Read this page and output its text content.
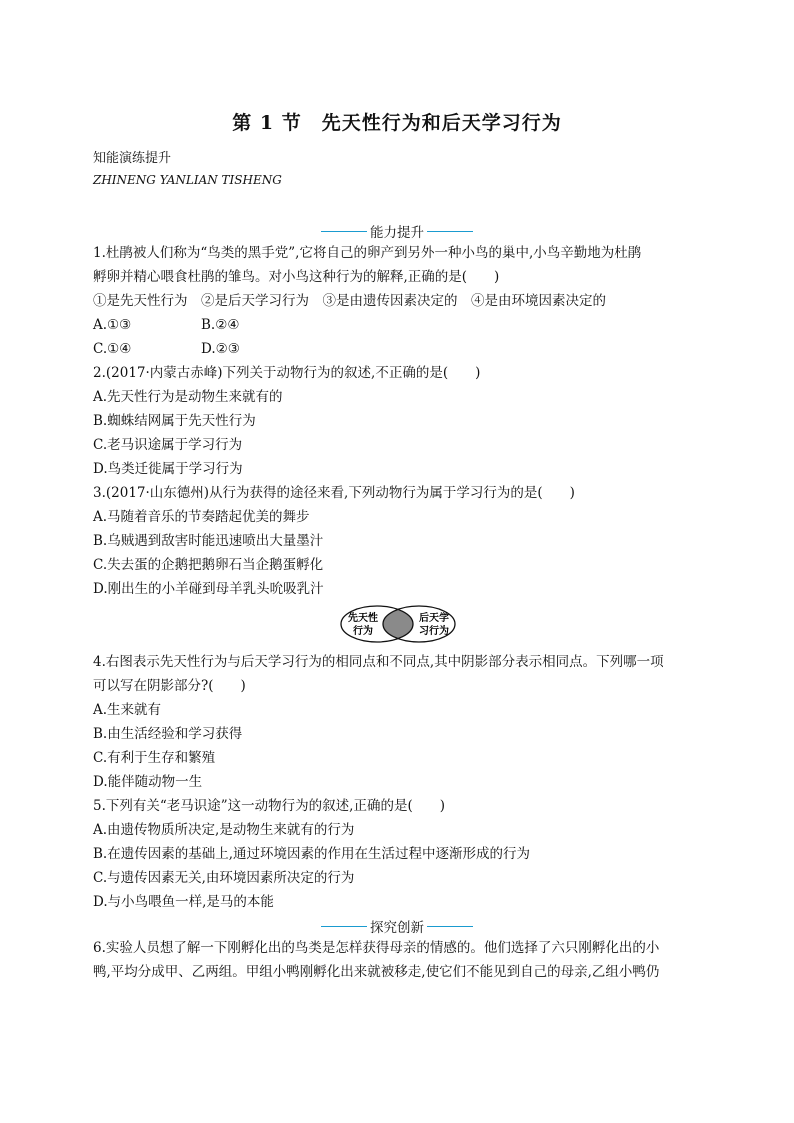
第 1 节　先天性行为和后天学习行为
知能演练提升
ZHINENG YANLIAN TISHENG
能力提升
1.杜鹃被人们称为“鸟类的黑手党”,它将自己的卵产到另外一种小鸟的巢中,小鸟辛勤地为杜鹃
孵卵并精心喂食杜鹃的雏鸟。对小鸟这种行为的解释,正确的是(　　)
①是先天性行为　②是后天学习行为　③是由遗传因素决定的　④是由环境因素决定的
A.①③	B.②④
C.①④	D.②③
2.(2017·内蒙古赤峰)下列关于动物行为的叙述,不正确的是(　　)
A.先天性行为是动物生来就有的
B.蜘蛛结网属于先天性行为
C.老马识途属于学习行为
D.鸟类迁徙属于学习行为
3.(2017·山东德州)从行为获得的途径来看,下列动物行为属于学习行为的是(　　)
A.马随着音乐的节奏踏起优美的舞步
B.乌贼遇到敌害时能迅速喷出大量墨汁
C.失去蛋的企鹅把鹅卵石当企鹅蛋孵化
D.刚出生的小羊碰到母羊乳头吮吸乳汁
先天性
行为
后天学
习行为
4.右图表示先天性行为与后天学习行为的相同点和不同点,其中阴影部分表示相同点。下列哪一项
可以写在阴影部分?(　　)
A.生来就有
B.由生活经验和学习获得
C.有利于生存和繁殖
D.能伴随动物一生
5.下列有关“老马识途”这一动物行为的叙述,正确的是(　　)
A.由遗传物质所决定,是动物生来就有的行为
B.在遗传因素的基础上,通过环境因素的作用在生活过程中逐渐形成的行为
C.与遗传因素无关,由环境因素所决定的行为
D.与小鸟喂鱼一样,是马的本能
探究创新
6.实验人员想了解一下刚孵化出的鸟类是怎样获得母亲的情感的。他们选择了六只刚孵化出的小
鸭,平均分成甲、乙两组。甲组小鸭刚孵化出来就被移走,使它们不能见到自己的母亲,乙组小鸭仍
